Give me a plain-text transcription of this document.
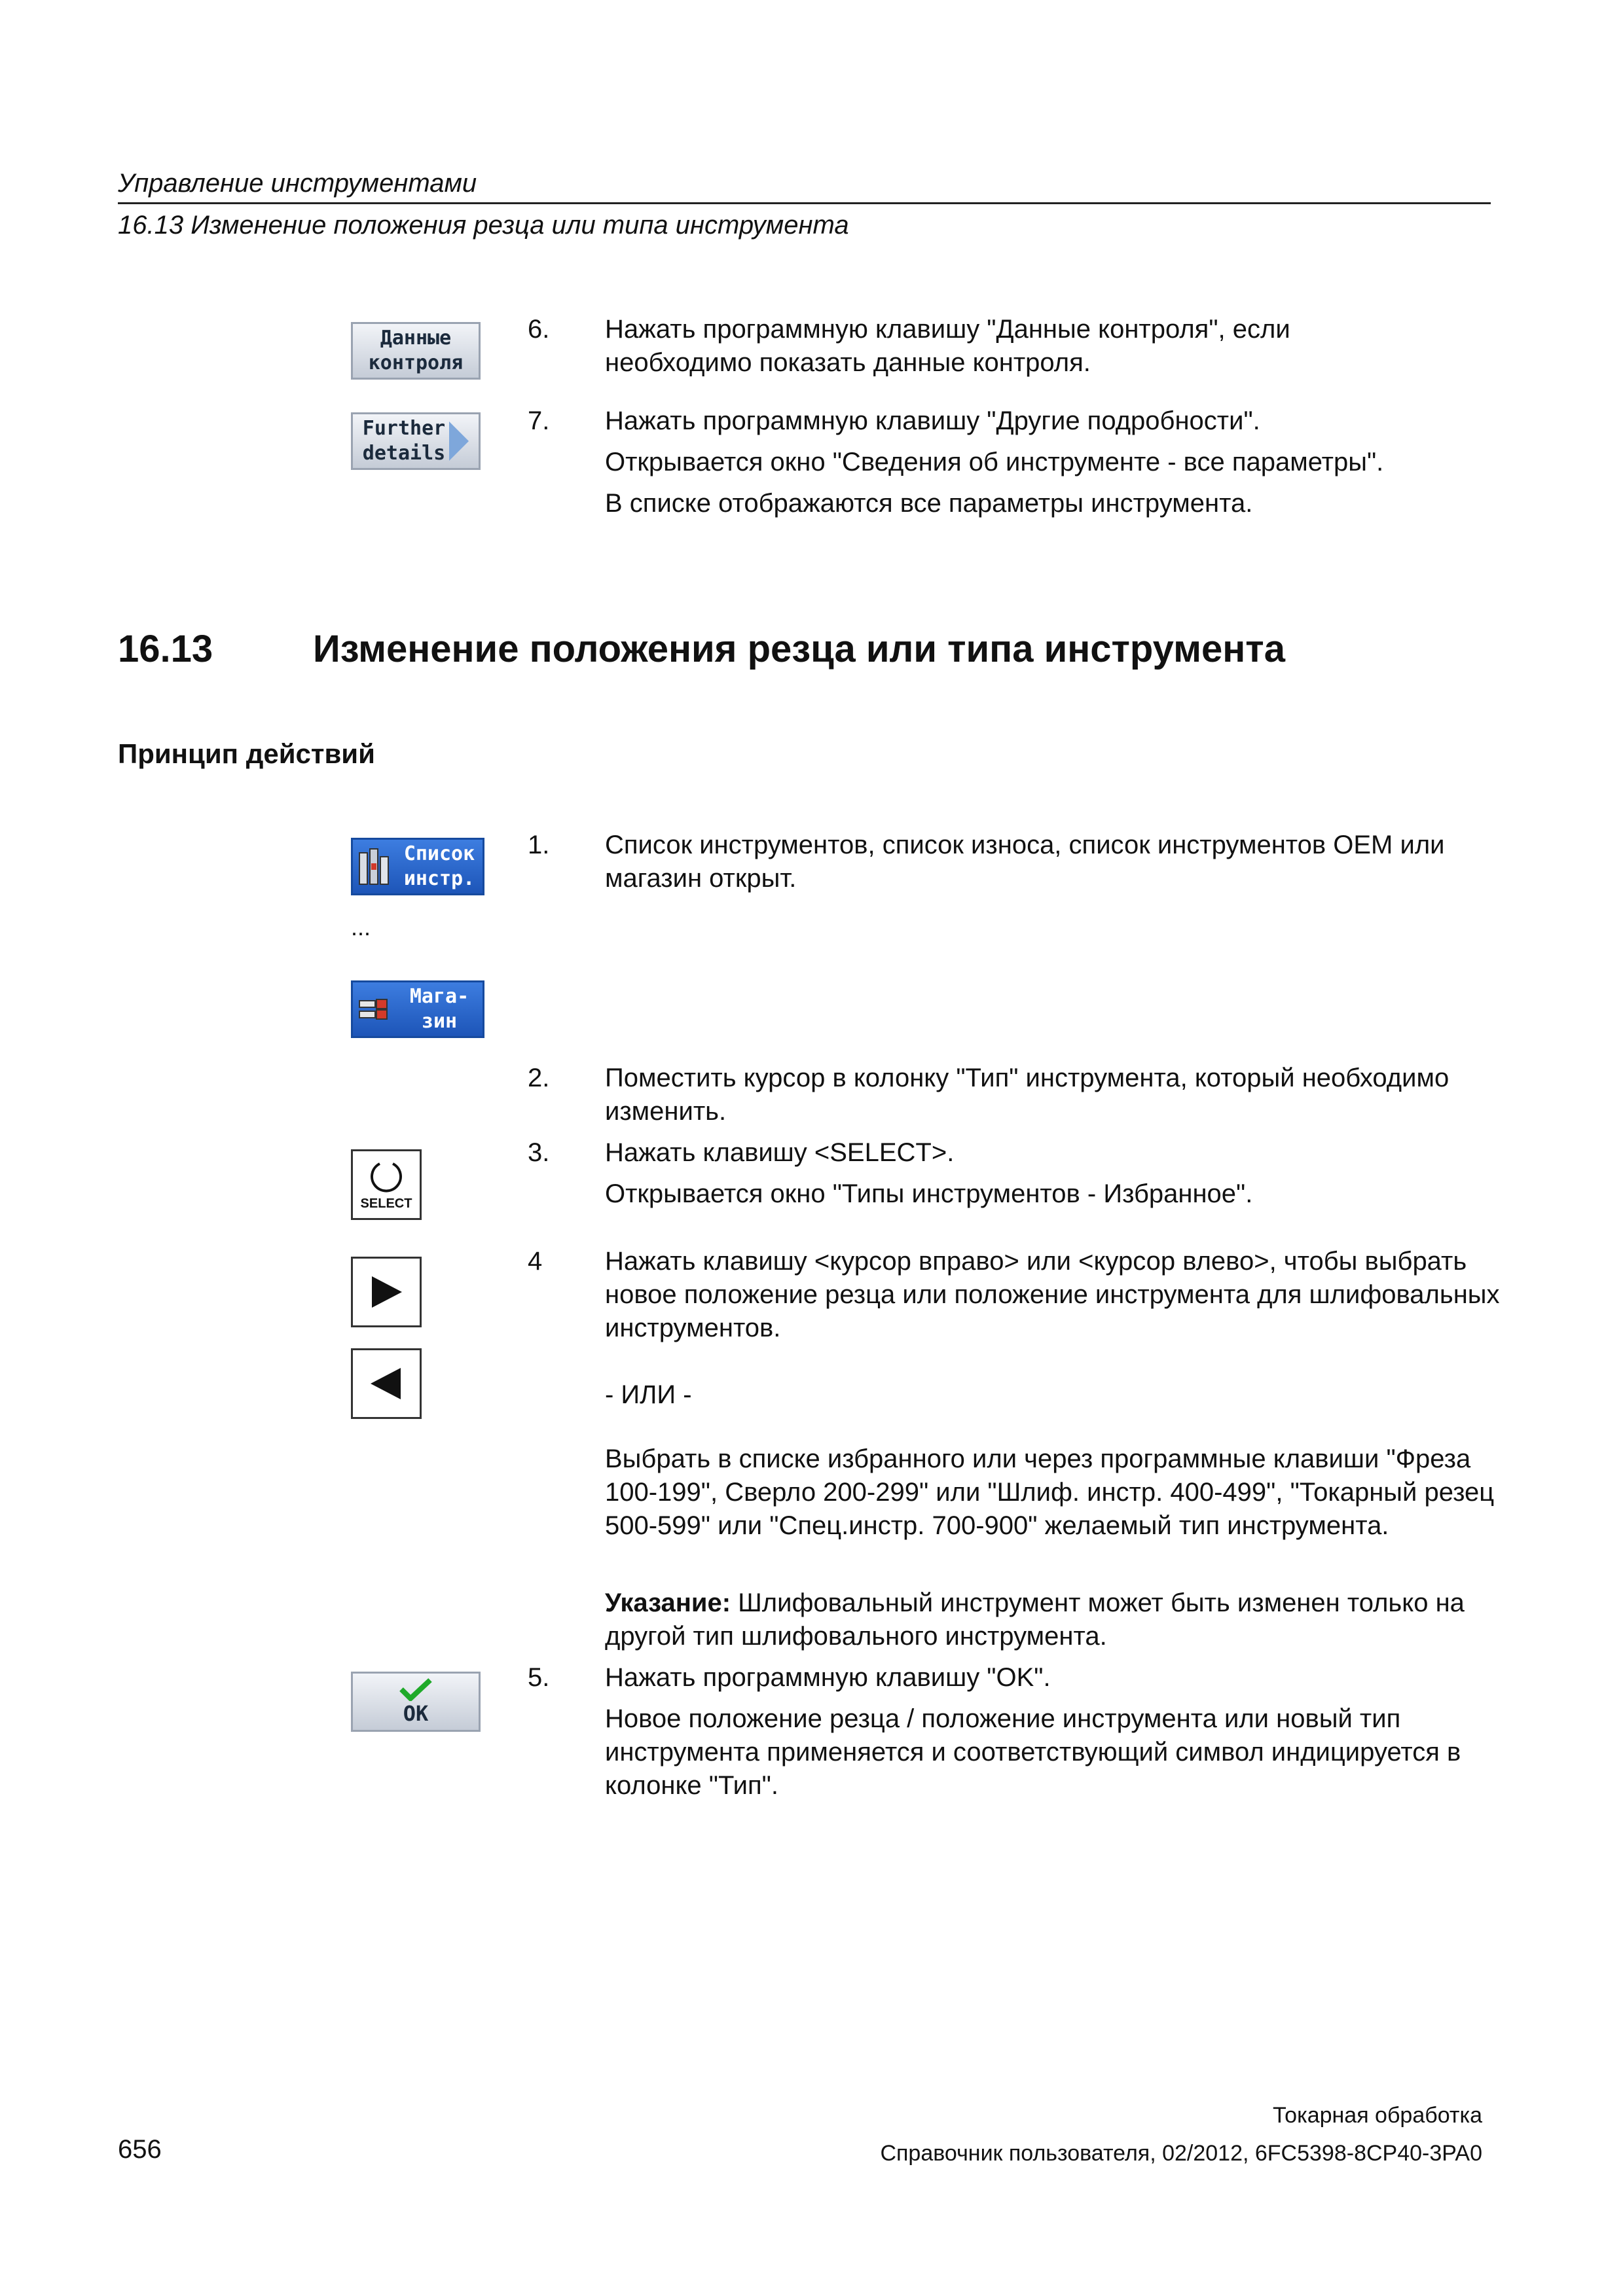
Управление инструментами
16.13 Изменение положения резца или типа инструмента
Данные
контроля
Further
details
6. Нажать программную клавишу "Данные контроля", если необходимо показать данные контроля.

7. Нажать программную клавишу "Другие подробности".

Открывается окно "Сведения об инструменте - все параметры".

В списке отображаются все параметры инструмента.

16.13	Изменение положения резца или типа инструмента
Принцип действий
Список
инстр.
...
Мага-
зин
1. Список инструментов, список износа, список инструментов OEM или магазин открыт.

2. Поместить курсор в колонку "Тип" инструмента, который необходимо изменить.

SELECT
3. Нажать клавишу <SELECT>.

Открывается окно "Типы инструментов - Избранное".

4 Нажать клавишу <курсор вправо> или <курсор влево>, чтобы выбрать новое положение резца или положение инструмента для шлифовальных инструментов.

- ИЛИ -

Выбрать в списке избранного или через программные клавиши "Фреза 100-199", Сверло 200-299" или "Шлиф. инстр. 400-499", "Токарный резец 500-599" или "Спец.инстр. 700-900" желаемый тип инструмента.

Указание: Шлифовальный инструмент может быть изменен только на другой тип шлифовального инструмента.

OK
5. Нажать программную клавишу "OK".

Новое положение резца / положение инструмента или новый тип инструмента применяется и соответствующий символ индицируется в колонке "Тип".

Токарная обработка
Справочник пользователя, 02/2012, 6FC5398-8CP40-3PA0
656
